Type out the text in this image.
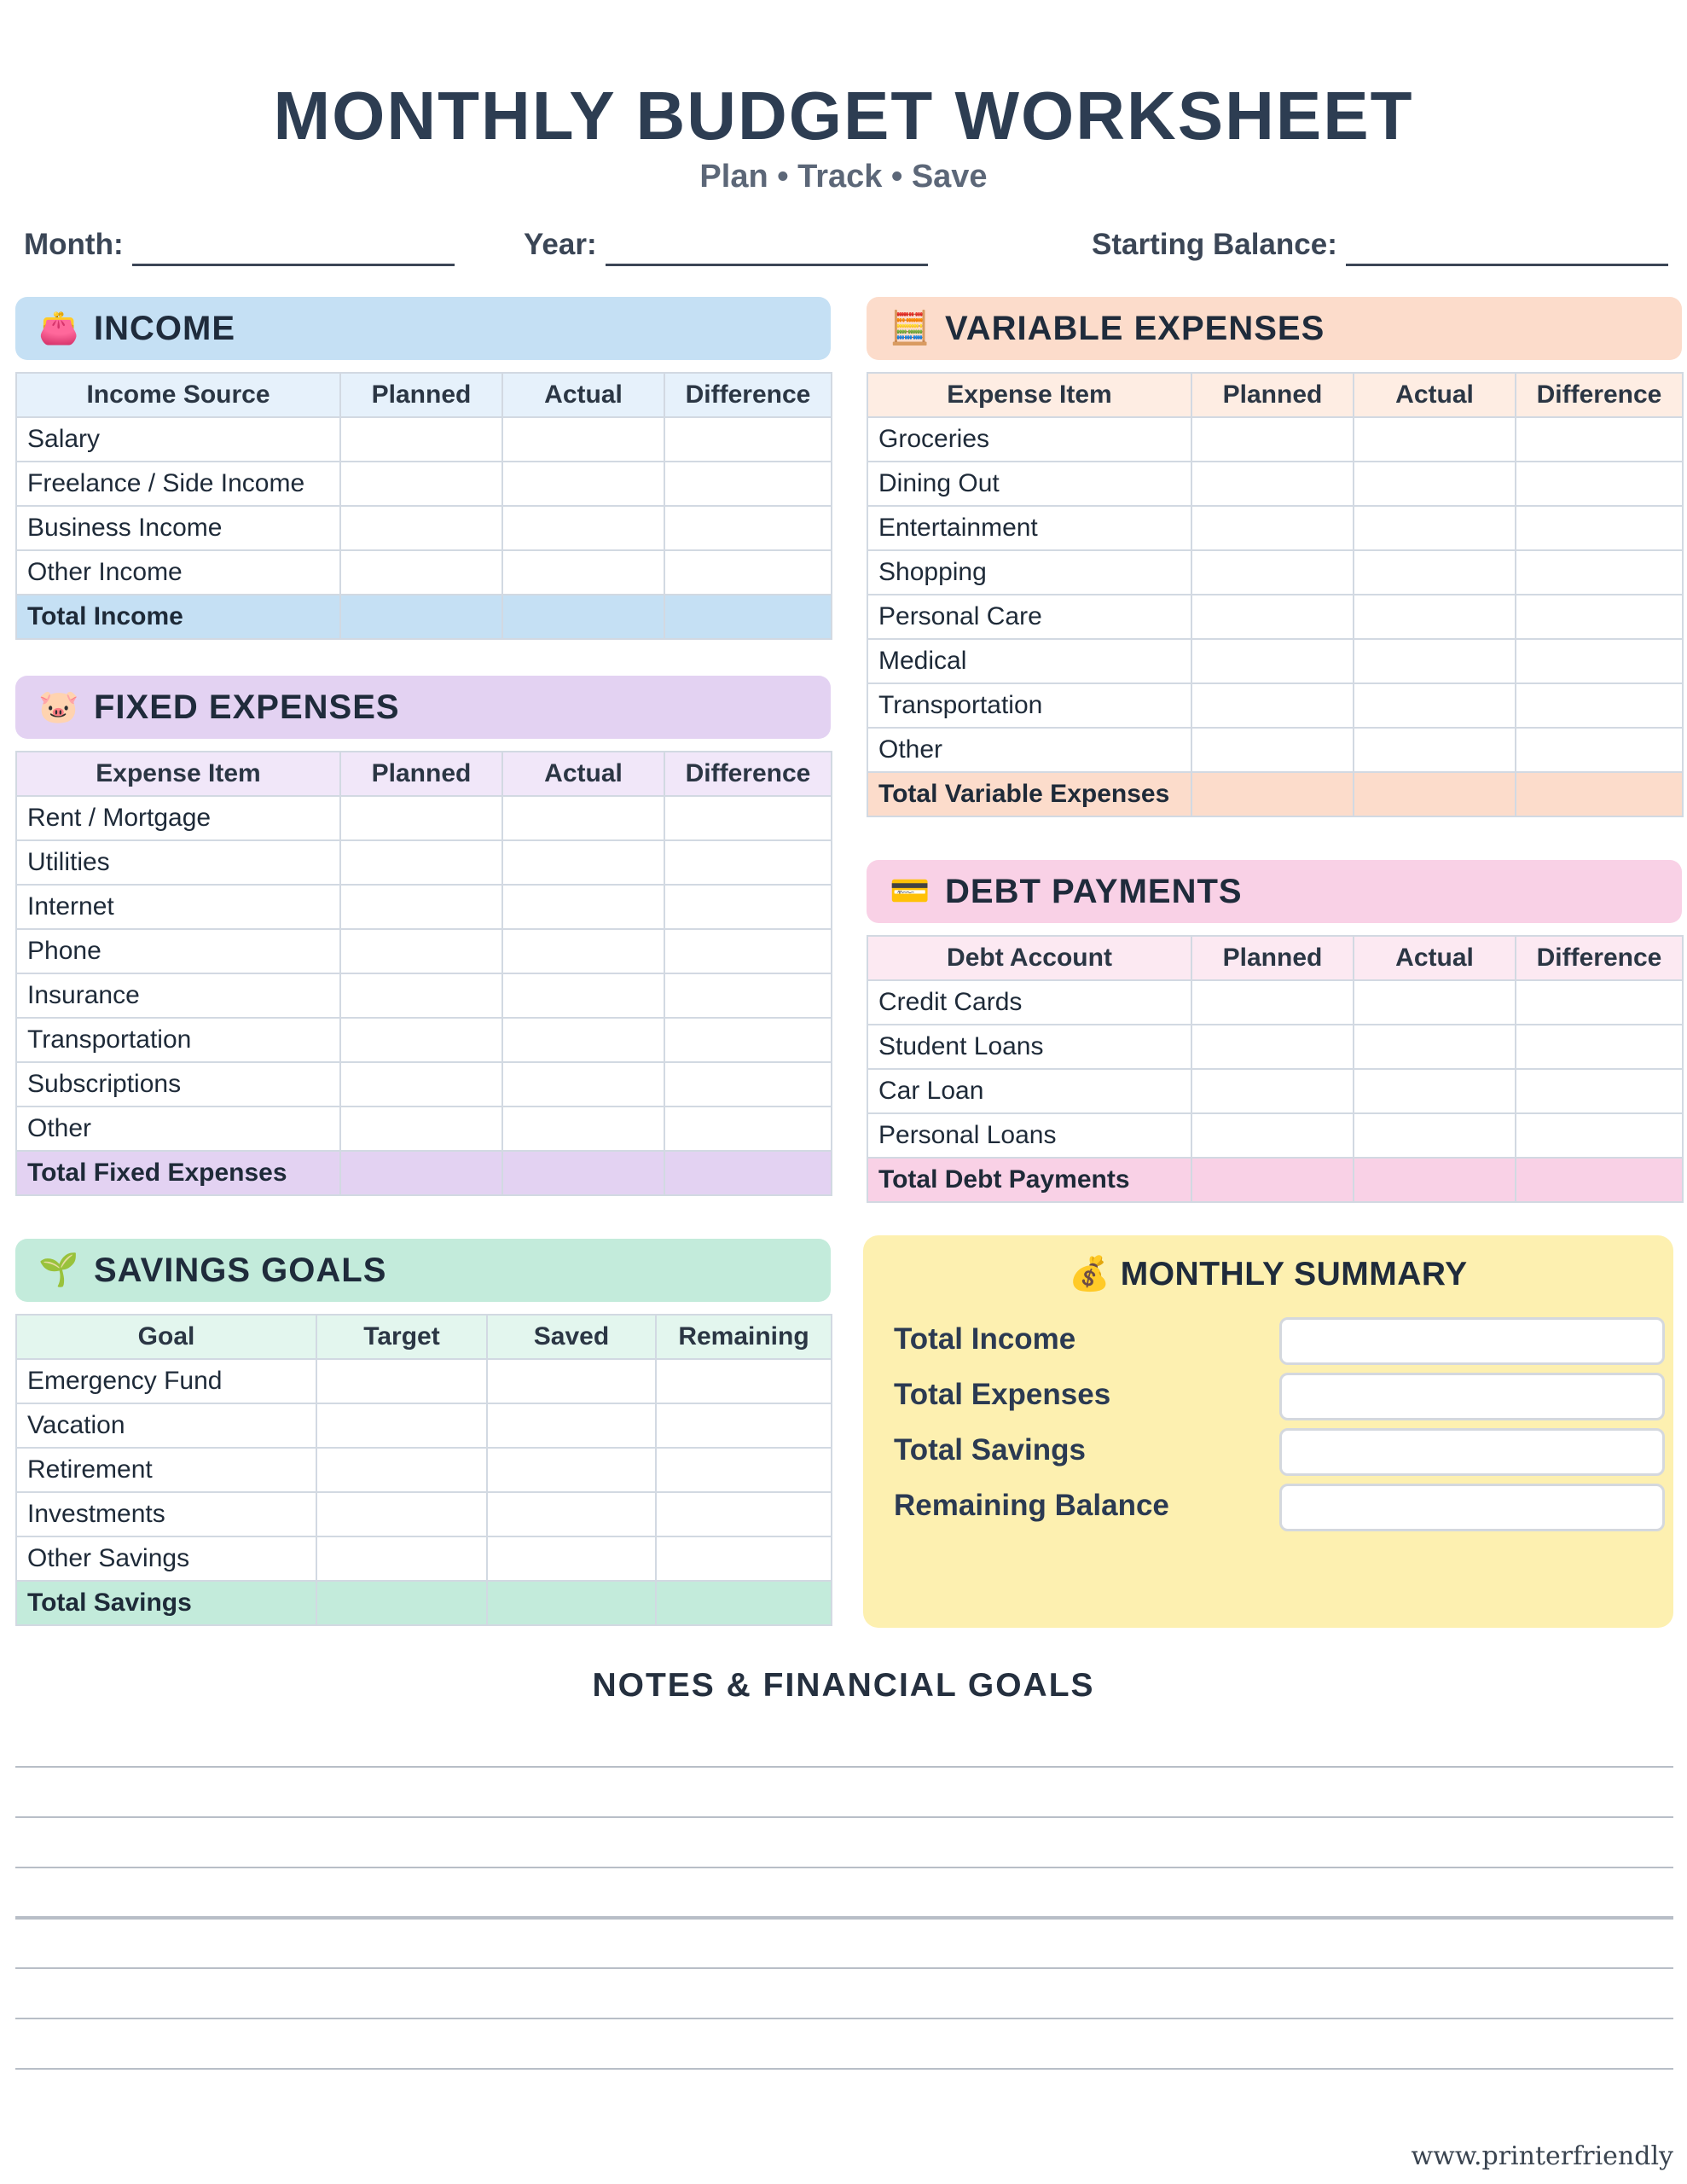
MONTHLY BUDGET WORKSHEET
Plan • Track • Save
Month:	Year:	Starting Balance:
👛 INCOME
Income Source	Planned	Actual	Difference
Salary			
Freelance / Side Income			
Business Income			
Other Income			
Total Income			
🐷 FIXED EXPENSES
Expense Item	Planned	Actual	Difference
Rent / Mortgage			
Utilities			
Internet			
Phone			
Insurance			
Transportation			
Subscriptions			
Other			
Total Fixed Expenses			
🌱 SAVINGS GOALS
Goal	Target	Saved	Remaining
Emergency Fund			
Vacation			
Retirement			
Investments			
Other Savings			
Total Savings			
🧮 VARIABLE EXPENSES
Expense Item	Planned	Actual	Difference
Groceries			
Dining Out			
Entertainment			
Shopping			
Personal Care			
Medical			
Transportation			
Other			
Total Variable Expenses			
💳 DEBT PAYMENTS
Debt Account	Planned	Actual	Difference
Credit Cards			
Student Loans			
Car Loan			
Personal Loans			
Total Debt Payments			
💰 MONTHLY SUMMARY
Total Income
Total Expenses
Total Savings
Remaining Balance
NOTES & FINANCIAL GOALS
www.printerfriendly
